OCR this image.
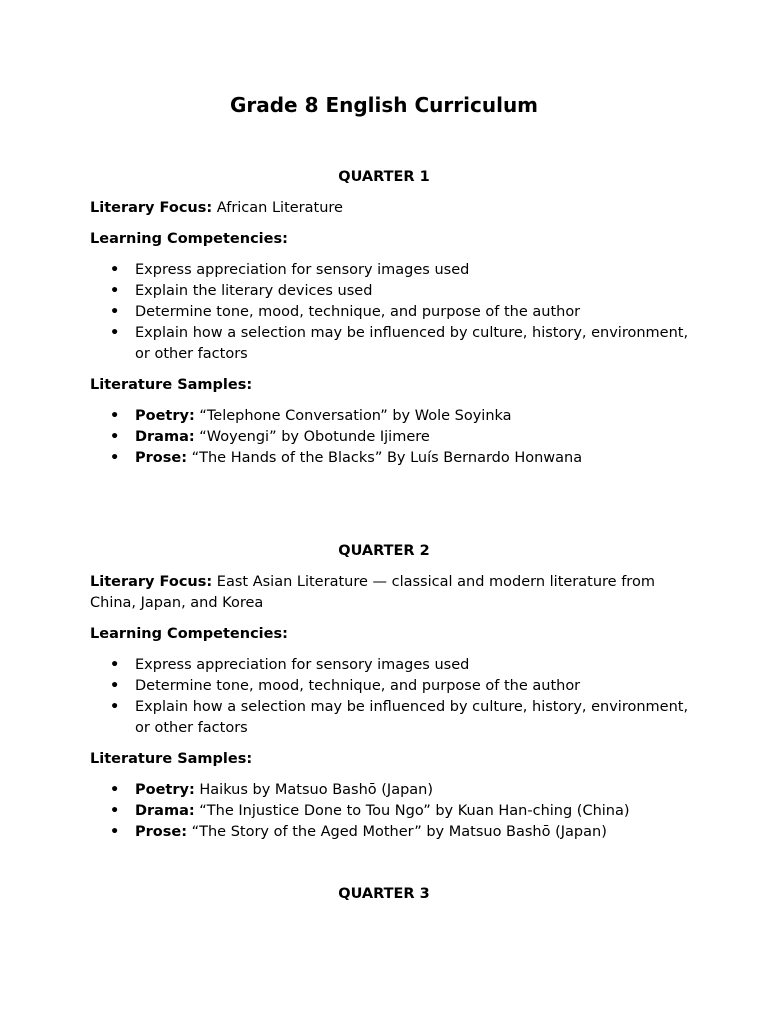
Grade 8 English Curriculum
QUARTER 1

Literary Focus: African Literature

Learning Competencies:

• Express appreciation for sensory images used
• Explain the literary devices used
• Determine tone, mood, technique, and purpose of the author
• Explain how a selection may be influenced by culture, history, environment, or other factors

Literature Samples:

• Poetry: “Telephone Conversation” by Wole Soyinka
• Drama: “Woyengi” by Obotunde Ijimere
• Prose: “The Hands of the Blacks” By Luís Bernardo Honwana
QUARTER 2

Literary Focus: East Asian Literature — classical and modern literature from China, Japan, and Korea

Learning Competencies:

• Express appreciation for sensory images used
• Determine tone, mood, technique, and purpose of the author
• Explain how a selection may be influenced by culture, history, environment, or other factors

Literature Samples:

• Poetry: Haikus by Matsuo Bashō (Japan)
• Drama: “The Injustice Done to Tou Ngo” by Kuan Han-ching (China)
• Prose: “The Story of the Aged Mother” by Matsuo Bashō (Japan)
QUARTER 3
